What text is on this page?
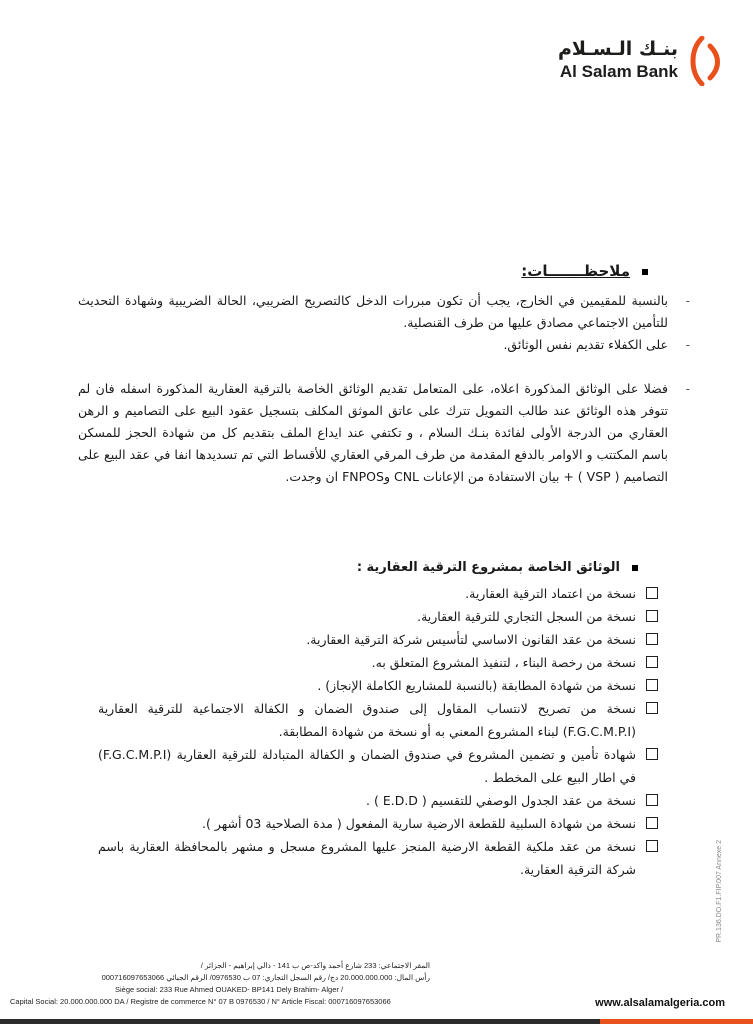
بنـك الـسـلام
Al Salam Bank
ملاحظـــــــات:
-
بالنسبة للمقيمين في الخارج، يجب أن تكون مبررات الدخل كالتصريح الضريبي، الحالة الضريبية وشهادة التحديث للتأمين الاجتماعي مصادق عليها من طرف القنصلية.
-
على الكفلاء تقديم نفس الوثائق.
-
فضلا على الوثائق المذكورة اعلاه، على المتعامل تقديم الوثائق الخاصة بالترقية العقارية المذكورة اسفله فان لم تتوفر هذه الوثائق عند طالب التمويل تترك على عاتق الموثق المكلف بتسجيل عقود البيع على التصاميم و الرهن العقاري من الدرجة الأولى لفائدة بنـك السلام ، و تكتفي عند ايداع الملف بتقديم كل من شهادة الحجز للمسكن باسم المكتتب و الاوامر بالدفع المقدمة من طرف المرقي العقاري للأقساط التي تم تسديدها انفا في عقد البيع على التصاميم ( VSP ) + بيان الاستفادة من الإعانات CNL وFNPOS ان وجدت.
الوثائق الخاصة بمشروع الترقية العقارية :
نسخة من اعتماد الترقية العقارية.
نسخة من السجل التجاري للترقية العقارية.
نسخة من عقد القانون الاساسي لتأسيس شركة الترقية العقارية.
نسخة من رخصة البناء ، لتنفيذ المشروع المتعلق به.
نسخة من شهادة المطابقة (بالنسبة للمشاريع الكاملة الإنجاز) .
نسخة من تصريح لانتساب المقاول إلى صندوق الضمان و الكفالة الاجتماعية للترقية العقارية (F.G.C.M.P.I) لبناء المشروع المعني به أو نسخة من شهادة المطابقة.
شهادة تأمين و تضمين المشروع في صندوق الضمان و الكفالة المتبادلة للترقية العقارية (F.G.C.M.P.I) في اطار البيع على المخطط .
نسخة من عقد الجدول الوصفي للتقسيم ( E.D.D ) .
نسخة من شهادة السلبية للقطعة الارضية سارية المفعول ( مدة الصلاحية 03 أشهر ).
نسخة من عقد ملكية القطعة الارضية المنجز عليها المشروع مسجل و مشهر بالمحافظة العقارية باسم شركة الترقية العقارية.	PR.136.DO.F1.FIP.007 Annexe 2
المقر الاجتماعي: 233 شارع أحمد واكد-ص ب 141 - دالي إبراهيم - الجزائر /
رأس المال: 20.000.000.000 دج/ رقم السجل التجاري: 07 ب 0976530/ الرقم الجبائي 000716097653066
Siège social: 233 Rue Ahmed OUAKED- BP141 Dely Brahim- Alger /
Capital Social: 20.000.000.000 DA / Registre de commerce N° 07 B 0976530 / N° Article Fiscal: 000716097653066	www.alsalamalgeria.com
